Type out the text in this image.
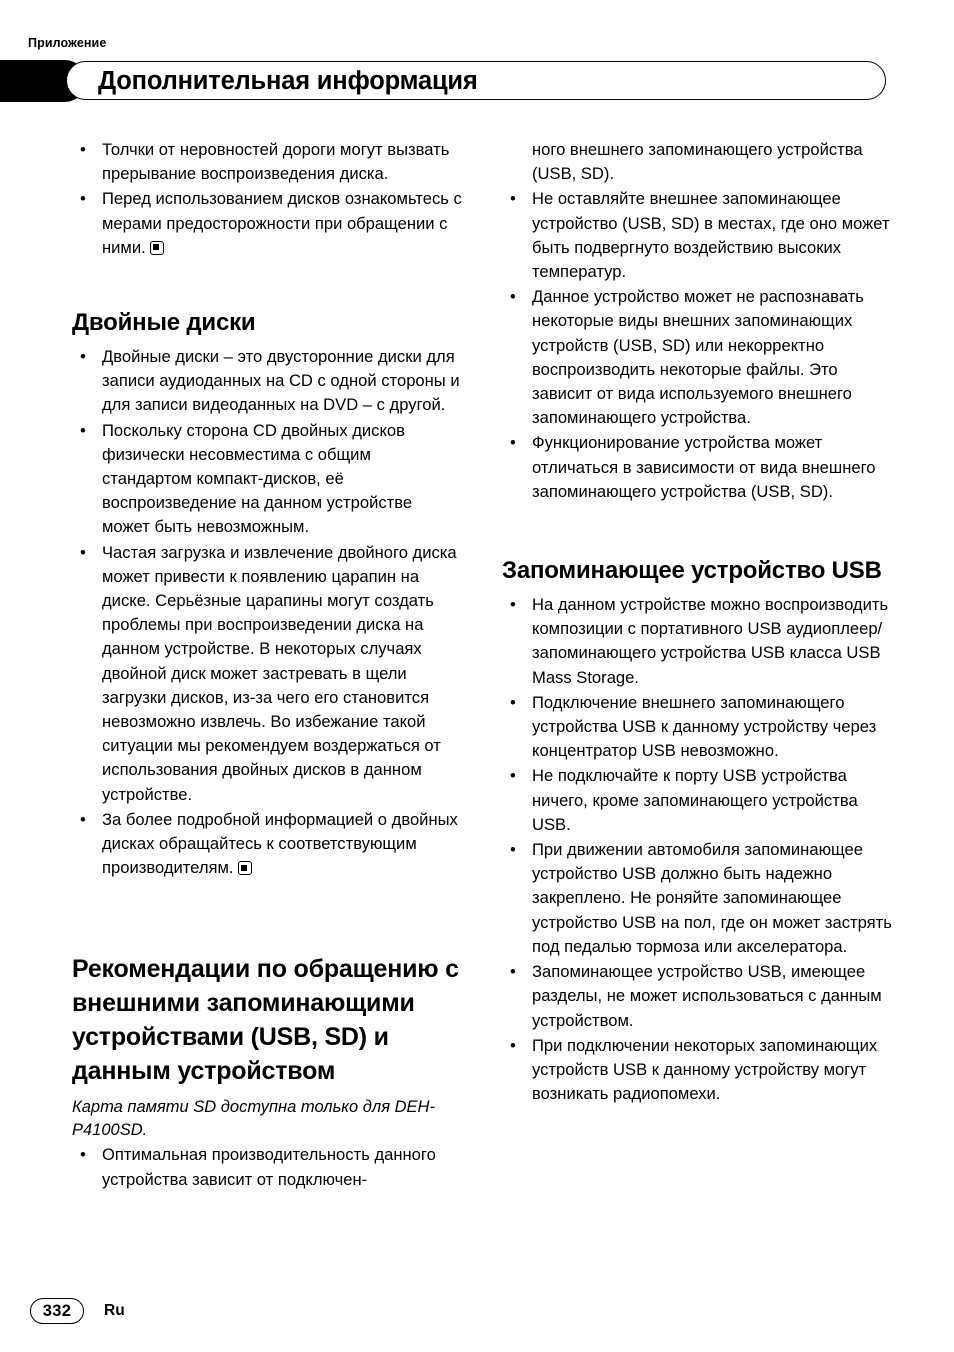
Приложение
Дополнительная информация
• Толчки от неровностей дороги могут вызвать прерывание воспроизведения диска.
• Перед использованием дисков ознакомьтесь с мерами предосторожности при обращении с ними.
Двойные диски
• Двойные диски – это двусторонние диски для записи аудиоданных на CD с одной стороны и для записи видеоданных на DVD – с другой.
• Поскольку сторона CD двойных дисков физически несовместима с общим стандартом компакт-дисков, её воспроизведение на данном устройстве может быть невозможным.
• Частая загрузка и извлечение двойного диска может привести к появлению царапин на диске. Серьёзные царапины могут создать проблемы при воспроизведении диска на данном устройстве. В некоторых случаях двойной диск может застревать в щели загрузки дисков, из-за чего его становится невозможно извлечь. Во избежание такой ситуации мы рекомендуем воздержаться от использования двойных дисков в данном устройстве.
• За более подробной информацией о двойных дисках обращайтесь к соответствующим производителям.
Рекомендации по обращению с внешними запоминающими устройствами (USB, SD) и данным устройством
Карта памяти SD доступна только для DEH-P4100SD.
• Оптимальная производительность данного устройства зависит от подключен-

ного внешнего запоминающего устройства (USB, SD).

• Не оставляйте внешнее запоминающее устройство (USB, SD) в местах, где оно может быть подвергнуто воздействию высоких температур.
• Данное устройство может не распознавать некоторые виды внешних запоминающих устройств (USB, SD) или некорректно воспроизводить некоторые файлы. Это зависит от вида используемого внешнего запоминающего устройства.
• Функционирование устройства может отличаться в зависимости от вида внешнего запоминающего устройства (USB, SD).
Запоминающее устройство USB
• На данном устройстве можно воспроизводить композиции с портативного USB аудиоплеер/запоминающего устройства USB класса USB Mass Storage.
• Подключение внешнего запоминающего устройства USB к данному устройству через концентратор USB невозможно.
• Не подключайте к порту USB устройства ничего, кроме запоминающего устройства USB.
• При движении автомобиля запоминающее устройство USB должно быть надежно закреплено. Не роняйте запоминающее устройство USB на пол, где он может застрять под педалью тормоза или акселератора.
• Запоминающее устройство USB, имеющее разделы, не может использоваться с данным устройством.
• При подключении некоторых запоминающих устройств USB к данному устройству могут возникать радиопомехи.
332	Ru
